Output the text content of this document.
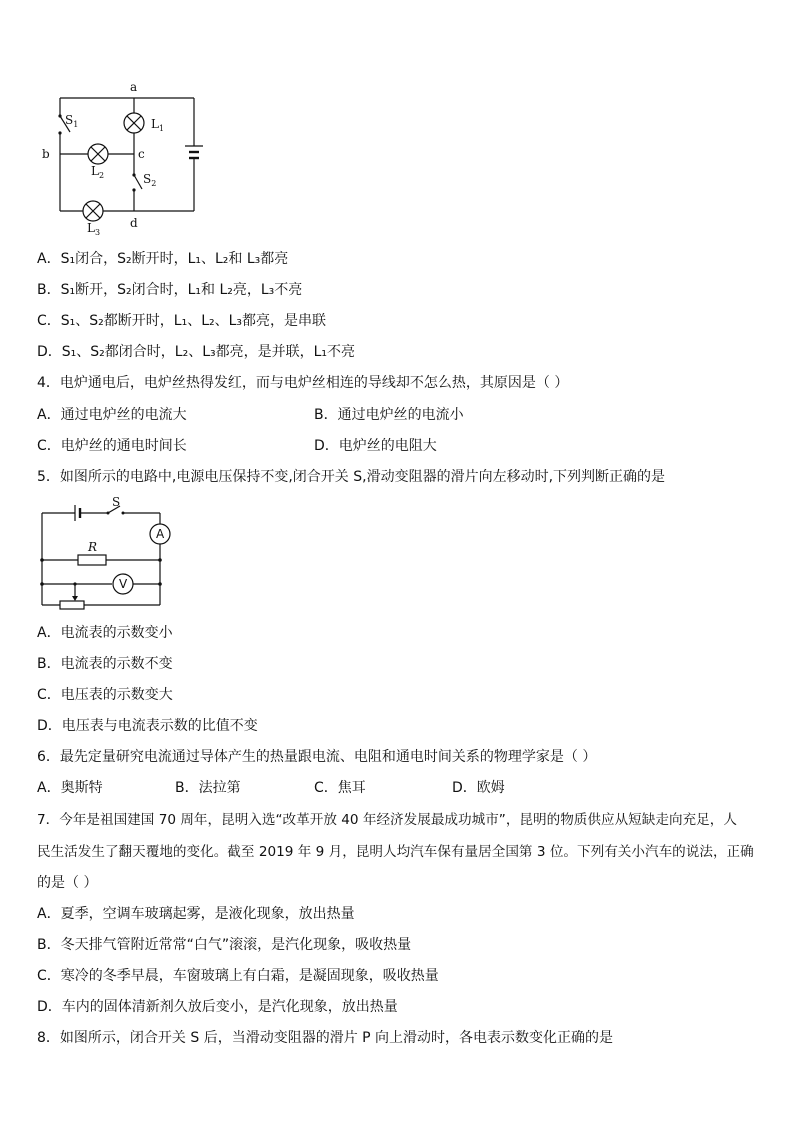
a
b	c
d
$S_1$
$S_2$
$L_1$
$L_2$
$L_3$
A．S₁闭合，S₂断开时，L₁、L₂和 L₃都亮
B．S₁断开，S₂闭合时，L₁和 L₂亮，L₃不亮
C．S₁、S₂都断开时，L₁、L₂、L₃都亮，是串联
D．S₁、S₂都闭合时，L₂、L₃都亮，是并联，L₁不亮
4．电炉通电后，电炉丝热得发红，而与电炉丝相连的导线却不怎么热，其原因是（ ）
A．通过电炉丝的电流大	B．通过电炉丝的电流小
C．电炉丝的通电时间长	D．电炉丝的电阻大
5．如图所示的电路中,电源电压保持不变,闭合开关 S,滑动变阻器的滑片向左移动时,下列判断正确的是
S
A
R
V
A．电流表的示数变小
B．电流表的示数不变
C．电压表的示数变大
D．电压表与电流表示数的比值不变
6．最先定量研究电流通过导体产生的热量跟电流、电阻和通电时间关系的物理学家是（ ）
A．奥斯特	B．法拉第	C．焦耳	D．欧姆
7．今年是祖国建国 70 周年，昆明入选“改革开放 40 年经济发展最成功城市”，昆明的物质供应从短缺走向充足，人
民生活发生了翻天覆地的变化。截至 2019 年 9 月，昆明人均汽车保有量居全国第 3 位。下列有关小汽车的说法，正确
的是（ ）
A．夏季，空调车玻璃起雾，是液化现象，放出热量
B．冬天排气管附近常常“白气”滚滚，是汽化现象，吸收热量
C．寒冷的冬季早晨，车窗玻璃上有白霜，是凝固现象，吸收热量
D．车内的固体清新剂久放后变小，是汽化现象，放出热量
8．如图所示，闭合开关 S 后，当滑动变阻器的滑片 P 向上滑动时，各电表示数变化正确的是
